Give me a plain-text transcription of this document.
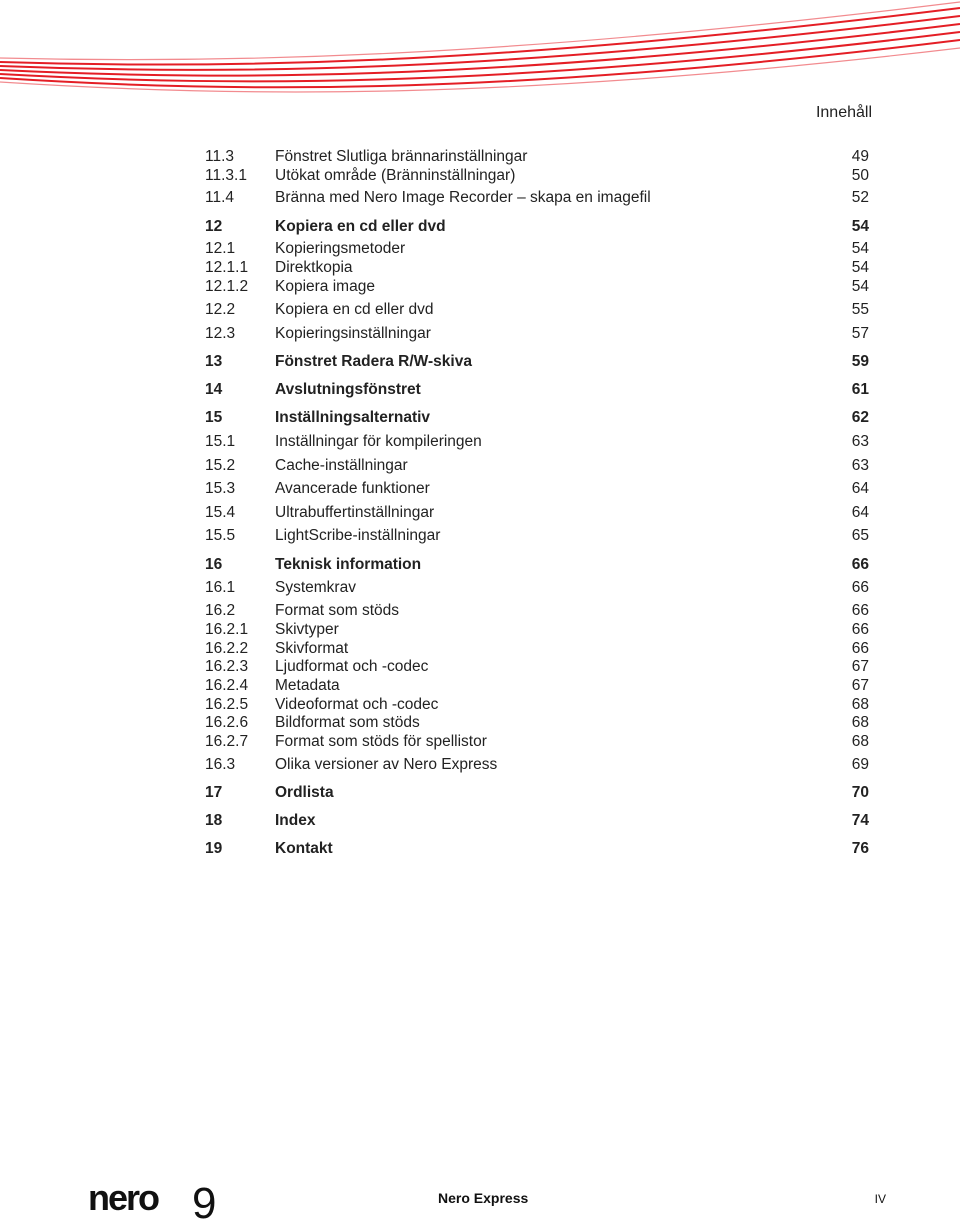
Innehåll
11.3	Fönstret Slutliga brännarinställningar	49
11.3.1 Utökat område (Bränninställningar)	50
11.4	Bränna med Nero Image Recorder – skapa en imagefil	52
12	Kopiera en cd eller dvd	54
12.1	Kopieringsmetoder	54
12.1.1 Direktkopia	54
12.1.2 Kopiera image	54
12.2	Kopiera en cd eller dvd	55
12.3	Kopieringsinställningar	57
13	Fönstret Radera R/W-skiva	59
14	Avslutningsfönstret	61
15	Inställningsalternativ	62
15.1	Inställningar för kompileringen	63
15.2	Cache-inställningar	63
15.3	Avancerade funktioner	64
15.4	Ultrabuffertinställningar	64
15.5	LightScribe-inställningar	65
16	Teknisk information	66
16.1	Systemkrav	66
16.2	Format som stöds	66
16.2.1 Skivtyper	66
16.2.2 Skivformat	66
16.2.3 Ljudformat och -codec	67
16.2.4 Metadata	67
16.2.5 Videoformat och -codec	68
16.2.6 Bildformat som stöds	68
16.2.7 Format som stöds för spellistor	68
16.3	Olika versioner av Nero Express	69
17	Ordlista	70
18	Index	74
19	Kontakt	76
nero 9	Nero Express	IV
